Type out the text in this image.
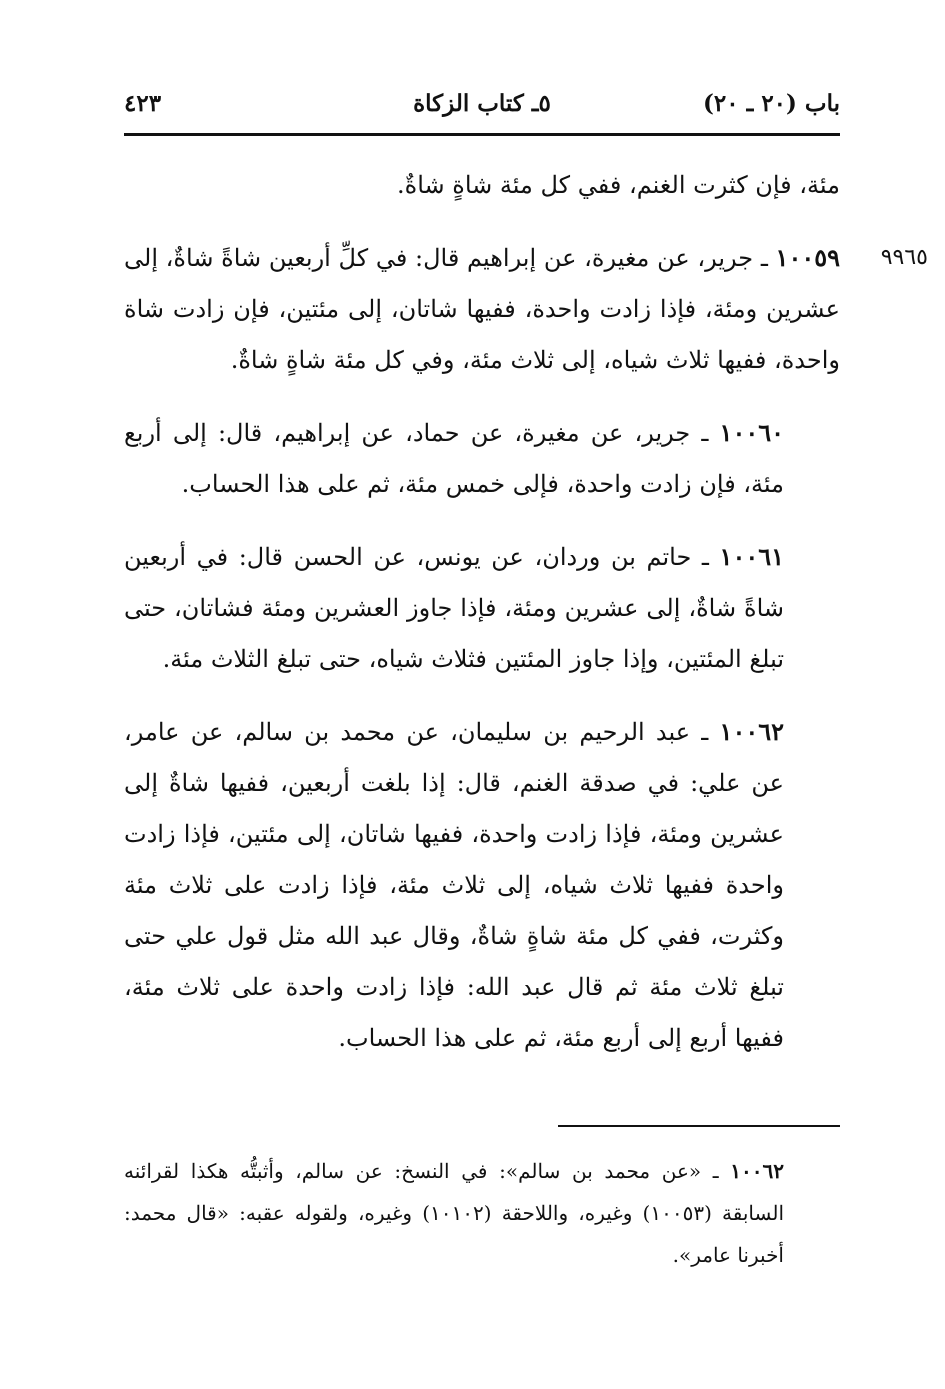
باب (٢٠ ـ ٢٠)
٥ـ كتاب الزكاة
٤٢٣

مئة، فإن كثرت الغنم، ففي كل مئة شاةٍ شاةٌ.

٩٩٦٥
١٠٠٥٩ ـ جرير، عن مغيرة، عن إبراهيم قال: في كلِّ أربعين شاةً شاةٌ، إلى عشرين ومئة، فإذا زادت واحدة، ففيها شاتان، إلى مئتين، فإن زادت شاة واحدة، ففيها ثلاث شياه، إلى ثلاث مئة، وفي كل مئة شاةٍ شاةٌ.

١٠٠٦٠ ـ جرير، عن مغيرة، عن حماد، عن إبراهيم، قال: إلى أربع مئة، فإن زادت واحدة، فإلى خمس مئة، ثم على هذا الحساب.

١٠٠٦١ ـ حاتم بن وردان، عن يونس، عن الحسن قال: في أربعين شاةً شاةٌ، إلى عشرين ومئة، فإذا جاوز العشرين ومئة فشاتان، حتى تبلغ المئتين، وإذا جاوز المئتين فثلاث شياه، حتى تبلغ الثلاث مئة.

١٠٠٦٢ ـ عبد الرحيم بن سليمان، عن محمد بن سالم، عن عامر، عن علي: في صدقة الغنم، قال: إذا بلغت أربعين، ففيها شاةٌ إلى عشرين ومئة، فإذا زادت واحدة، ففيها شاتان، إلى مئتين، فإذا زادت واحدة ففيها ثلاث شياه، إلى ثلاث مئة، فإذا زادت على ثلاث مئة وكثرت، ففي كل مئة شاةٍ شاةٌ، وقال عبد الله مثل قول علي حتى تبلغ ثلاث مئة ثم قال عبد الله: فإذا زادت واحدة على ثلاث مئة، ففيها أربع إلى أربع مئة، ثم على هذا الحساب.

١٠٠٦٢ ـ «عن محمد بن سالم»: في النسخ: عن سالم، وأثبتُّه هكذا لقرائنه السابقة (١٠٠٥٣) وغيره، واللاحقة (١٠١٠٢) وغيره، ولقوله عقبه: «قال محمد: أخبرنا عامر».
